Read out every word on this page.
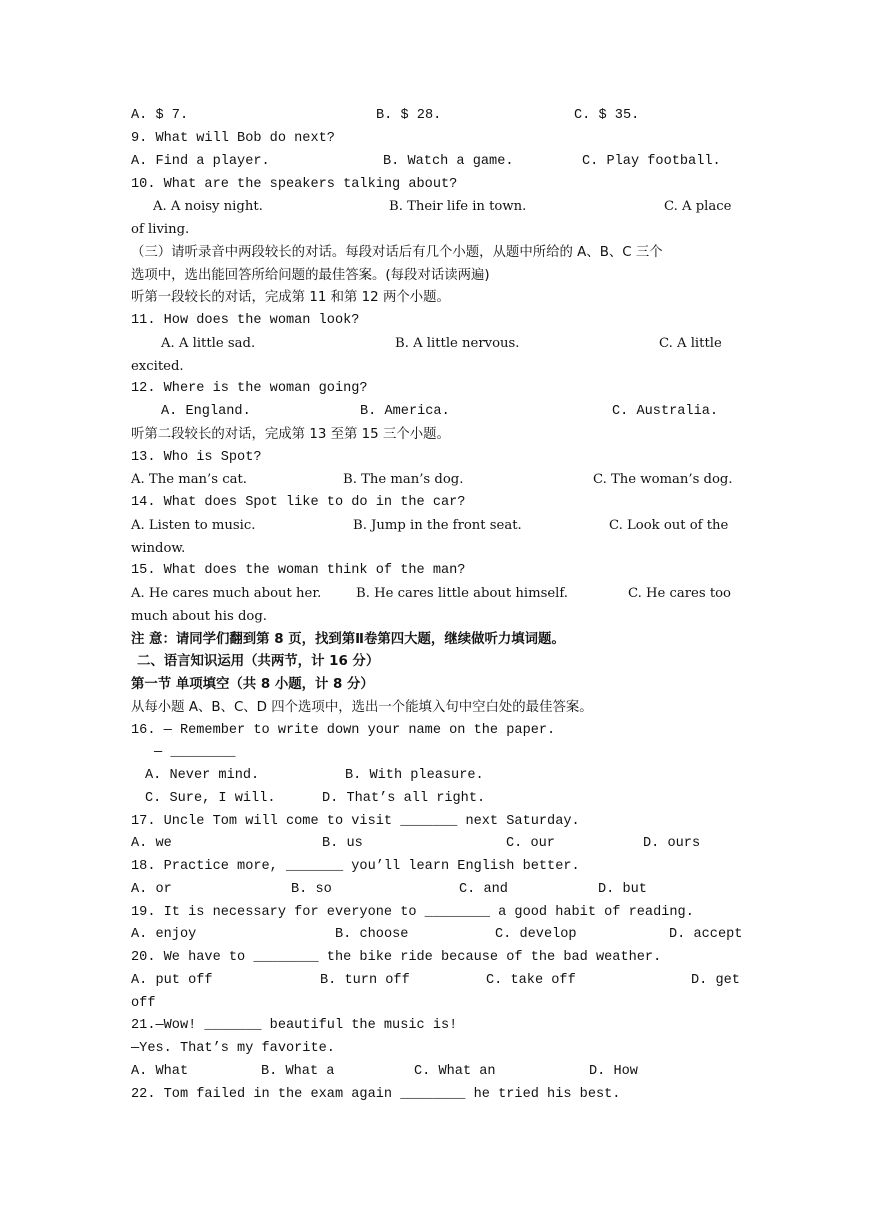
A. $ 7.

	B. $ 28.

	C. $ 35.

9. What will Bob do next?

A. Find a player.

	B. Watch a game.

	C. Play football.

10. What are the speakers talking about?

A. A noisy night.

	B. Their life in town.

	C. A place

of living.
（三）请听录音中两段较长的对话。每段对话后有几个小题，从题中所给的 A、B、C 三个
选项中，选出能回答所给问题的最佳答案。(每段对话读两遍)
听第一段较长的对话，完成第 11 和第 12 两个小题。
11. How does the woman look?

A. A little sad.

	B. A little nervous.

	C. A little

excited.
12. Where is the woman going?

A. England.

	B. America.

	C. Australia.

听第二段较长的对话，完成第 13 至第 15 三个小题。
13. Who is Spot?

A. The man’s cat.

	B. The man’s dog.

	C. The woman’s dog.

14. What does Spot like to do in the car?

A. Listen to music.

	B. Jump in the front seat.

	C. Look out of the

window.
15. What does the woman think of the man?

A. He cares much about her.

	B. He cares little about himself.

	C. He cares too

much about his dog.
注 意：请同学们翻到第 8 页，找到第Ⅱ卷第四大题，继续做听力填词题。
二、语言知识运用（共两节，计 16 分）
第一节 单项填空（共 8 小题，计 8 分）
从每小题 A、B、C、D 四个选项中，选出一个能填入句中空白处的最佳答案。
16. — Remember to write down your name on the paper.
— ________

A. Never mind.

	B. With pleasure.

C. Sure, I will.

	D. That’s all right.

17. Uncle Tom will come to visit _______ next Saturday.

A. we

	B. us

	C. our

	D. ours

18. Practice more, _______ you’ll learn English better.

A. or

	B. so

	C. and

	D. but

19. It is necessary for everyone to ________ a good habit of reading.

A. enjoy

	B. choose

	C. develop

	D. accept

20. We have to ________ the bike ride because of the bad weather.

A. put off

	B. turn off

	C. take off

	D. get

off
21.—Wow! _______ beautiful the music is!
—Yes. That’s my favorite.

A. What

	B. What a

	C. What an

	D. How

22. Tom failed in the exam again ________ he tried his best.
